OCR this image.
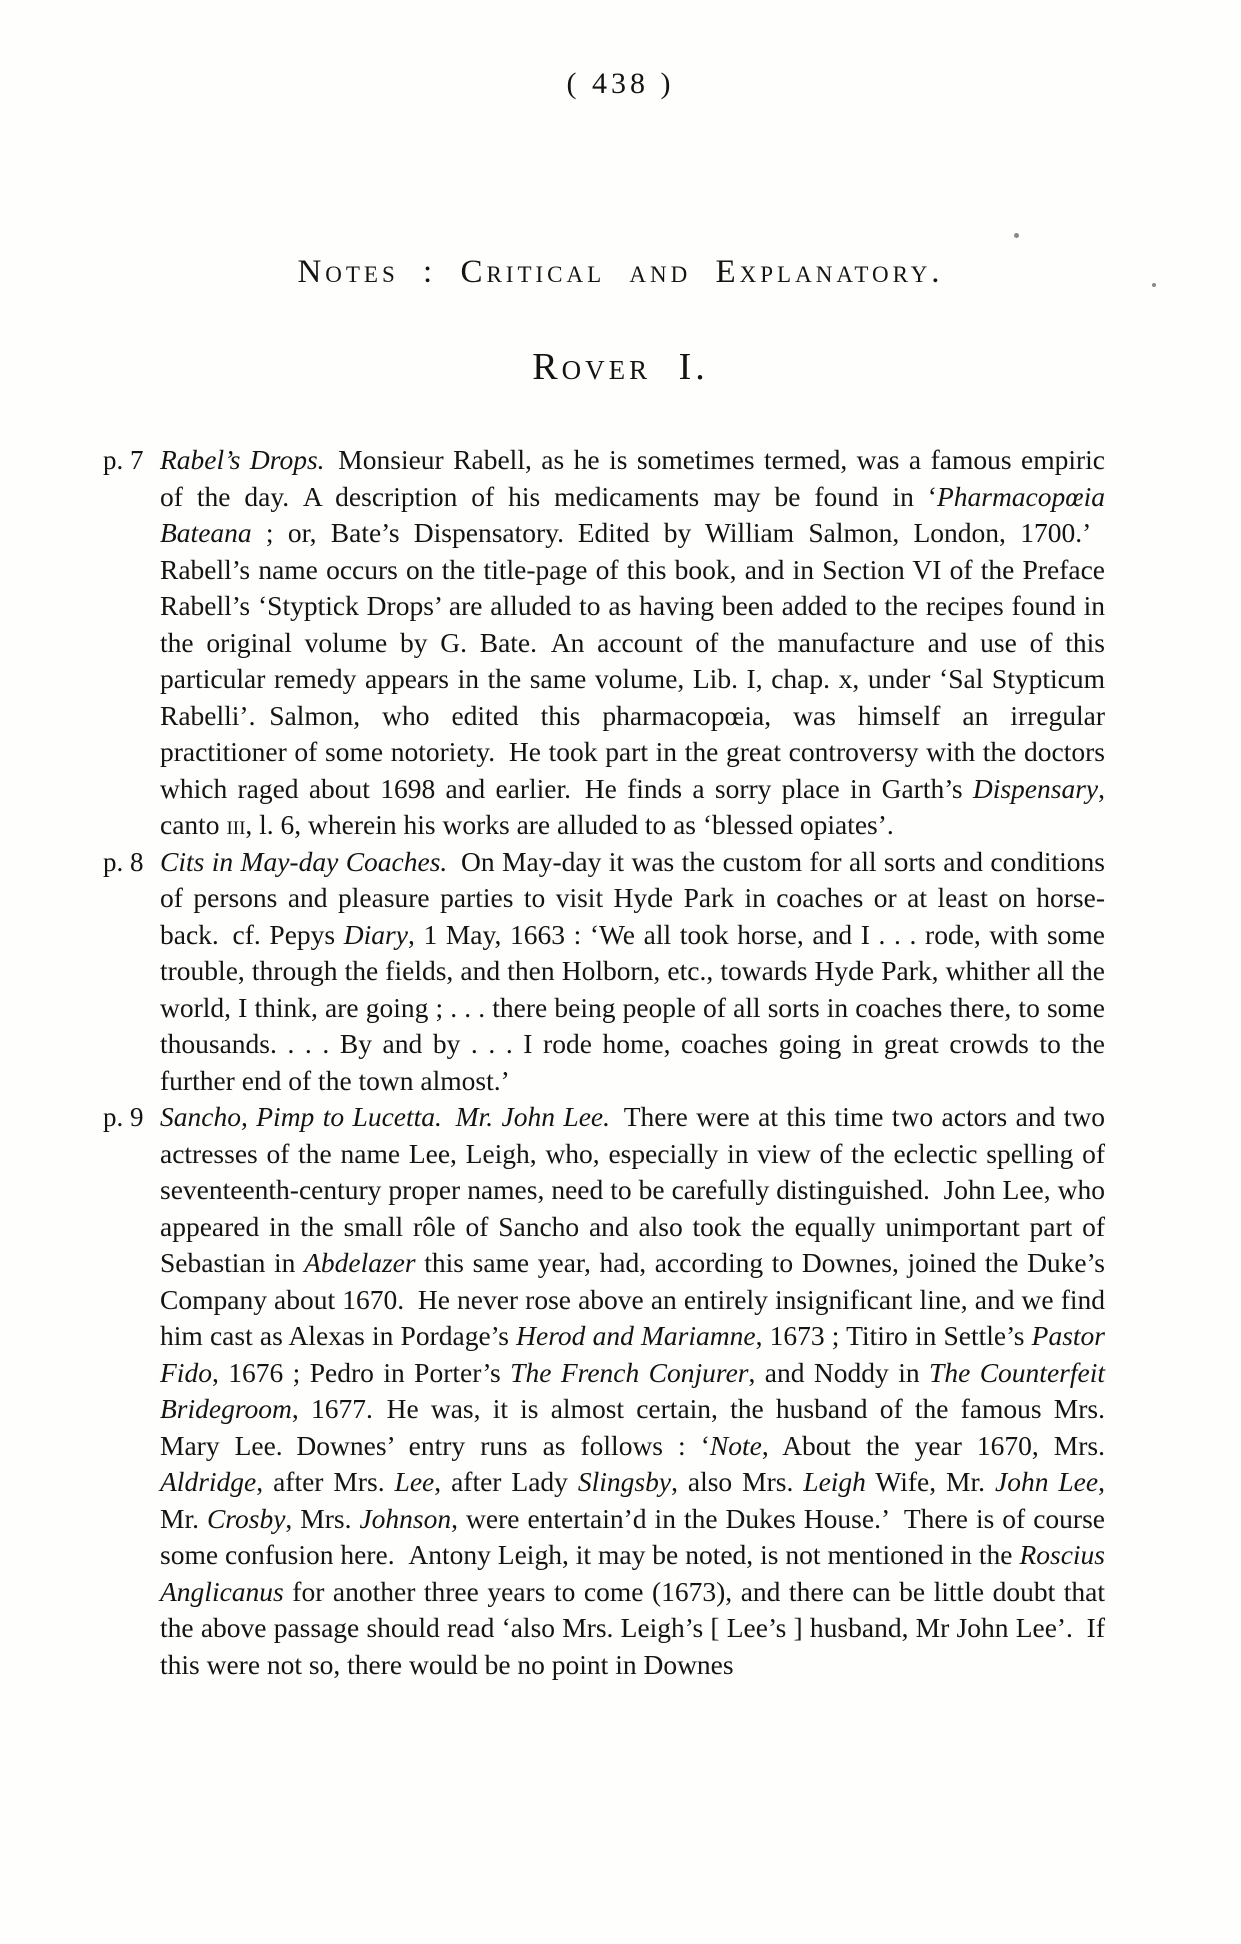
( 438 )
Notes : Critical and Explanatory.
Rover I.
p. 7 Rabel’s Drops. Monsieur Rabell, as he is sometimes termed, was a famous empiric of the day. A description of his medicaments may be found in ‘Pharmacopœia Bateana ; or, Bate’s Dispensatory. Edited by William Salmon, London, 1700.’ Rabell’s name occurs on the title-page of this book, and in Section VI of the Preface Rabell’s ‘Styptick Drops’ are alluded to as having been added to the recipes found in the original volume by G. Bate. An account of the manufacture and use of this particular remedy appears in the same volume, Lib. I, chap. x, under ‘Sal Stypticum Rabelli’. Salmon, who edited this pharmacopœia, was himself an irregular practitioner of some notoriety. He took part in the great controversy with the doctors which raged about 1698 and earlier. He finds a sorry place in Garth’s Dispensary, canto iii, l. 6, wherein his works are alluded to as ‘blessed opiates’.

p. 8 Cits in May-day Coaches. On May-day it was the custom for all sorts and conditions of persons and pleasure parties to visit Hyde Park in coaches or at least on horse-back. cf. Pepys Diary, 1 May, 1663 : ‘We all took horse, and I . . . rode, with some trouble, through the fields, and then Holborn, etc., towards Hyde Park, whither all the world, I think, are going ; . . . there being people of all sorts in coaches there, to some thousands. . . . By and by . . . I rode home, coaches going in great crowds to the further end of the town almost.’

p. 9 Sancho, Pimp to Lucetta. Mr. John Lee. There were at this time two actors and two actresses of the name Lee, Leigh, who, especially in view of the eclectic spelling of seventeenth-century proper names, need to be carefully distinguished. John Lee, who appeared in the small rôle of Sancho and also took the equally unimportant part of Sebastian in Abdelazer this same year, had, according to Downes, joined the Duke’s Company about 1670. He never rose above an entirely insignificant line, and we find him cast as Alexas in Pordage’s Herod and Mariamne, 1673 ; Titiro in Settle’s Pastor Fido, 1676 ; Pedro in Porter’s The French Conjurer, and Noddy in The Counterfeit Bridegroom, 1677. He was, it is almost certain, the husband of the famous Mrs. Mary Lee. Downes’ entry runs as follows : ‘Note, About the year 1670, Mrs. Aldridge, after Mrs. Lee, after Lady Slingsby, also Mrs. Leigh Wife, Mr. John Lee, Mr. Crosby, Mrs. Johnson, were entertain’d in the Dukes House.’ There is of course some confusion here. Antony Leigh, it may be noted, is not mentioned in the Roscius Anglicanus for another three years to come (1673), and there can be little doubt that the above passage should read ‘also Mrs. Leigh’s [ Lee’s ] husband, Mr John Lee’. If this were not so, there would be no point in Downes
